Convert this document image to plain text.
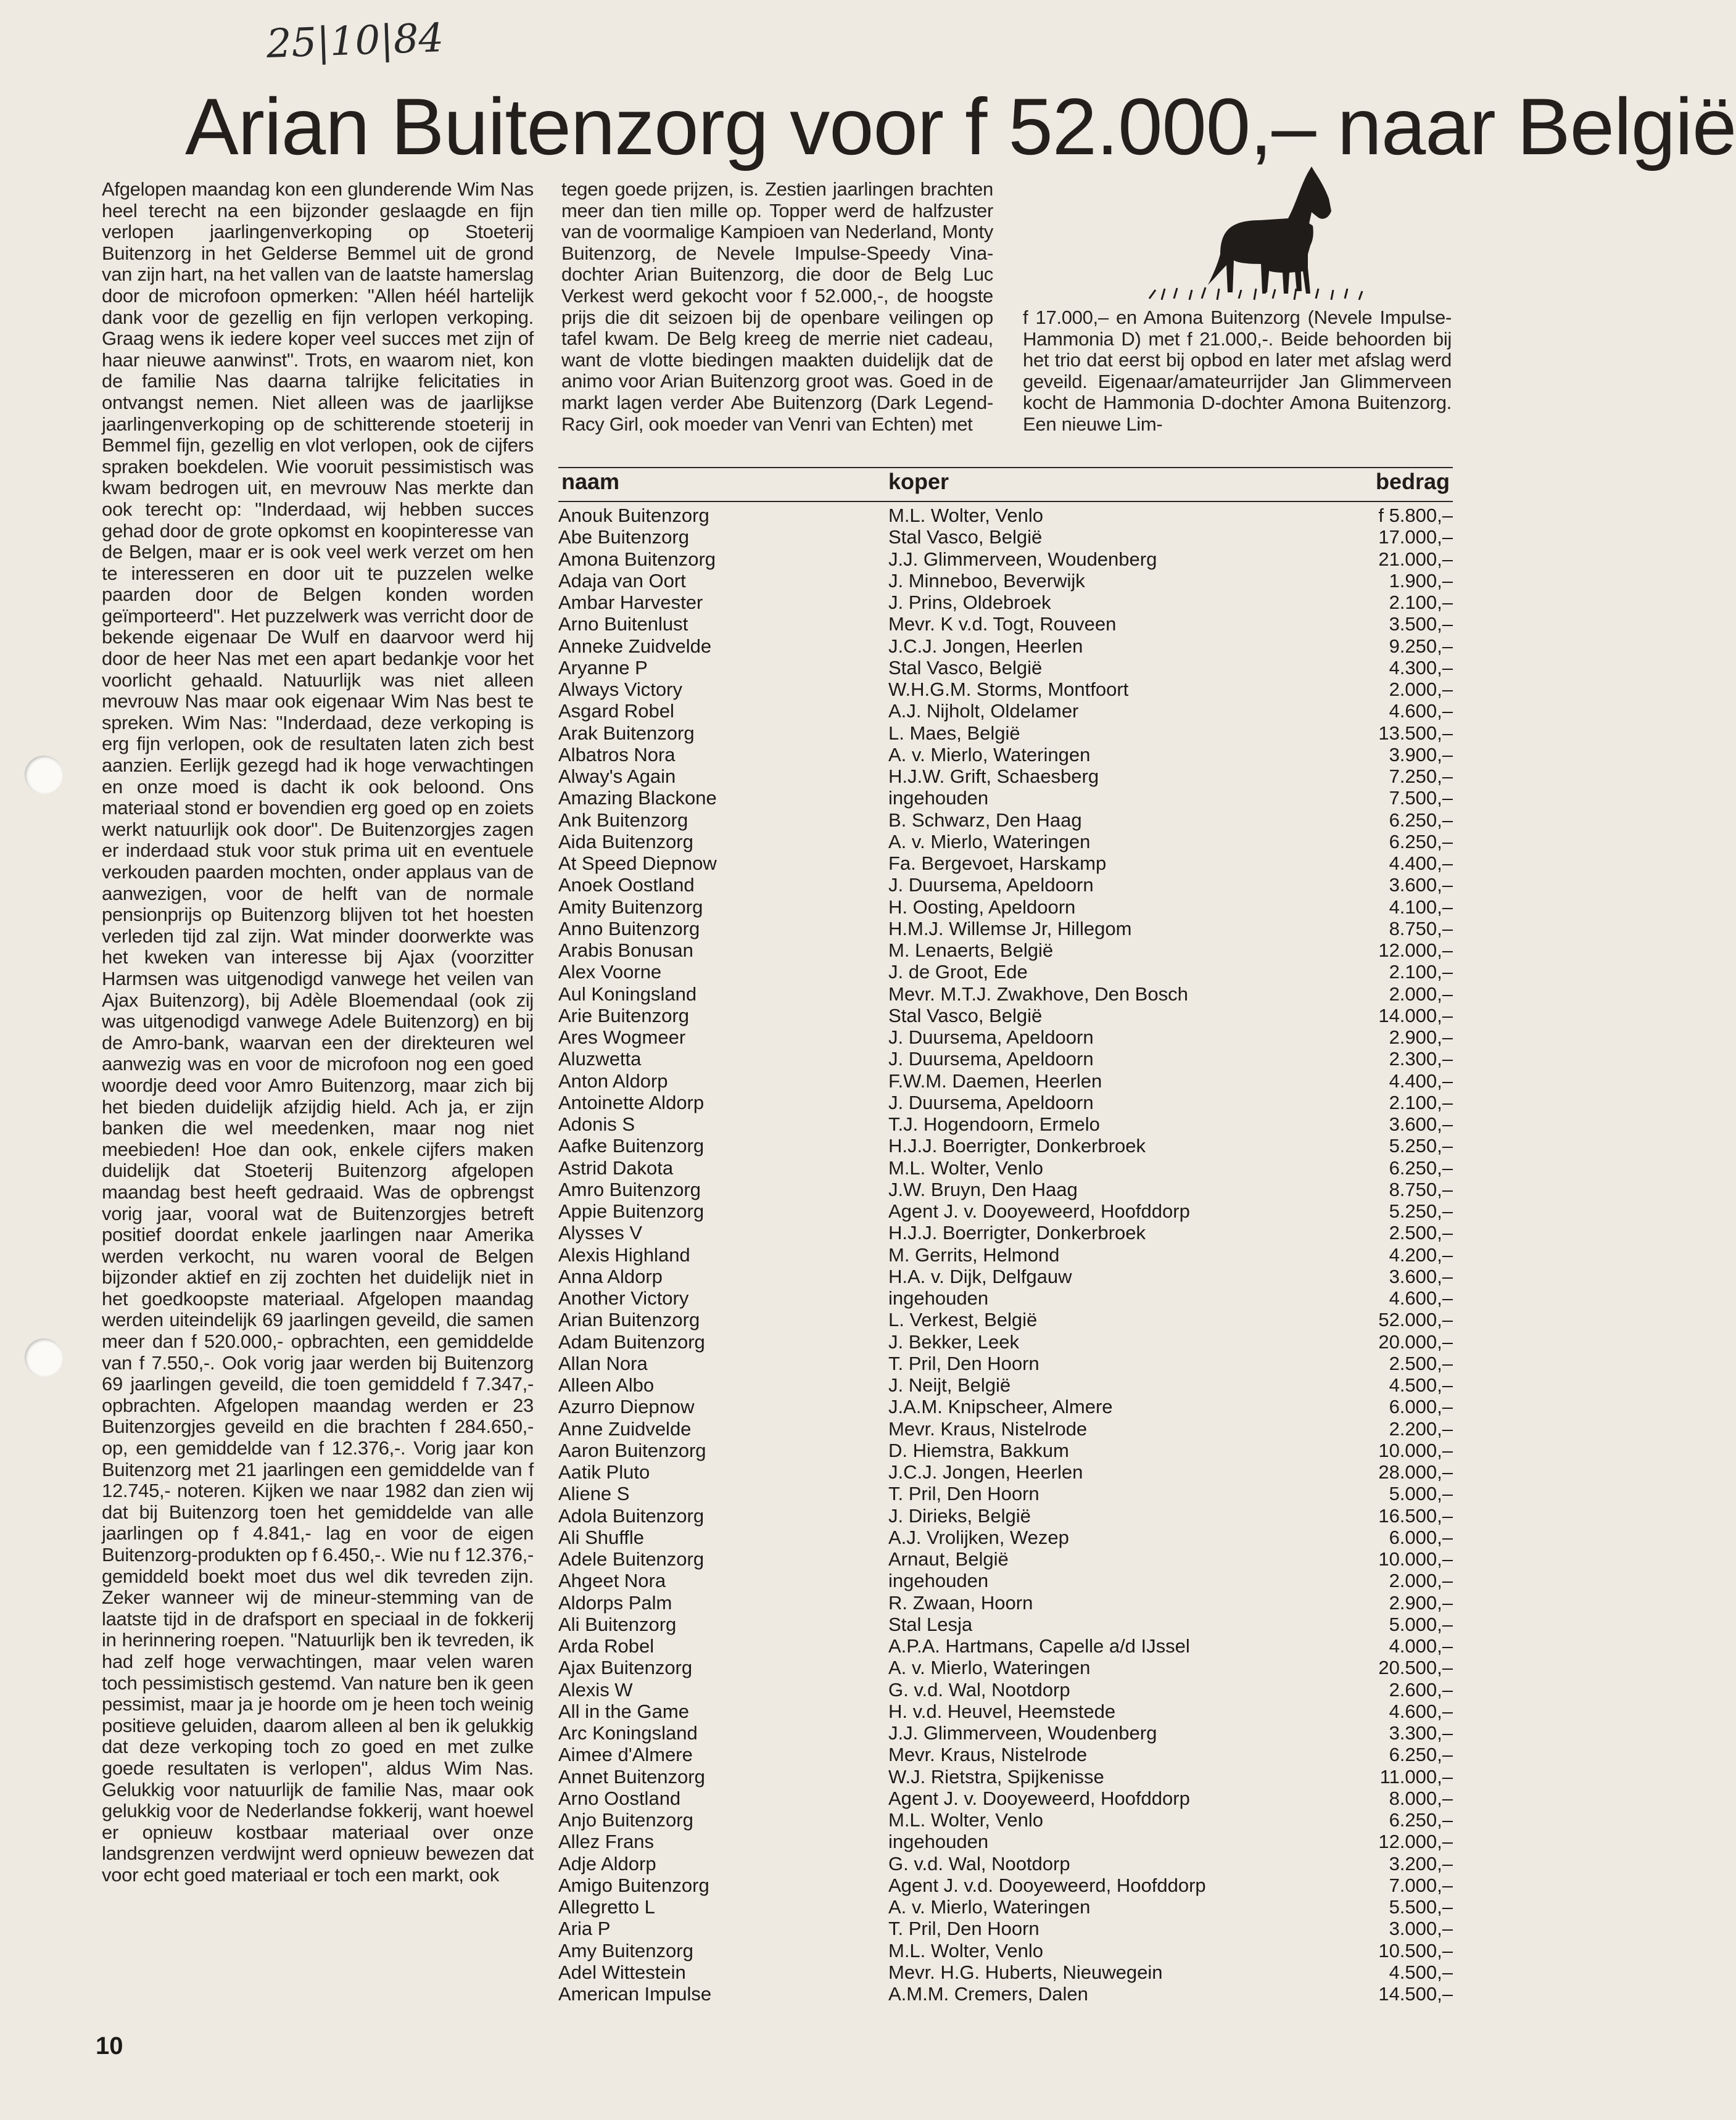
25|10|84
Arian Buitenzorg voor f 52.000,– naar België

Afgelopen maandag kon een glunderende Wim Nas heel terecht na een bijzonder geslaagde en fijn verlopen jaarlingenverkoping op Stoeterij Buitenzorg in het Gelderse Bemmel uit de grond van zijn hart, na het vallen van de laatste hamerslag door de microfoon opmerken: "Allen héél hartelijk dank voor de gezellig en fijn verlopen verkoping. Graag wens ik iedere koper veel succes met zijn of haar nieuwe aanwinst". Trots, en waarom niet, kon de familie Nas daarna talrijke felicitaties in ontvangst nemen. Niet alleen was de jaarlijkse jaarlingenverkoping op de schitterende stoeterij in Bemmel fijn, gezellig en vlot verlopen, ook de cijfers spraken boekdelen. Wie vooruit pessimistisch was kwam bedrogen uit, en mevrouw Nas merkte dan ook terecht op: "Inderdaad, wij hebben succes gehad door de grote opkomst en koopinteresse van de Belgen, maar er is ook veel werk verzet om hen te interesseren en door uit te puzzelen welke paarden door de Belgen konden worden geïmporteerd". Het puzzelwerk was verricht door de bekende eigenaar De Wulf en daarvoor werd hij door de heer Nas met een apart bedankje voor het voorlicht gehaald. Natuurlijk was niet alleen mevrouw Nas maar ook eigenaar Wim Nas best te spreken. Wim Nas: "Inderdaad, deze verkoping is erg fijn verlopen, ook de resultaten laten zich best aanzien. Eerlijk gezegd had ik hoge verwachtingen en onze moed is dacht ik ook beloond. Ons materiaal stond er bovendien erg goed op en zoiets werkt natuurlijk ook door". De Buitenzorgjes zagen er inderdaad stuk voor stuk prima uit en eventuele verkouden paarden mochten, onder applaus van de aanwezigen, voor de helft van de normale pensionprijs op Buitenzorg blijven tot het hoesten verleden tijd zal zijn. Wat minder doorwerkte was het kweken van interesse bij Ajax (voorzitter Harmsen was uitgenodigd vanwege het veilen van Ajax Buitenzorg), bij Adèle Bloemendaal (ook zij was uitgenodigd vanwege Adele Buitenzorg) en bij de Amro-bank, waarvan een der direkteuren wel aanwezig was en voor de microfoon nog een goed woordje deed voor Amro Buitenzorg, maar zich bij het bieden duidelijk afzijdig hield. Ach ja, er zijn banken die wel meedenken, maar nog niet meebieden! Hoe dan ook, enkele cijfers maken duidelijk dat Stoeterij Buitenzorg afgelopen maandag best heeft gedraaid. Was de opbrengst vorig jaar, vooral wat de Buitenzorgjes betreft positief doordat enkele jaarlingen naar Amerika werden verkocht, nu waren vooral de Belgen bijzonder aktief en zij zochten het duidelijk niet in het goedkoopste materiaal. Afgelopen maandag werden uiteindelijk 69 jaarlingen geveild, die samen meer dan f 520.000,- opbrachten, een gemiddelde van f 7.550,-. Ook vorig jaar werden bij Buitenzorg 69 jaarlingen geveild, die toen gemiddeld f 7.347,- opbrachten. Afgelopen maandag werden er 23 Buitenzorgjes geveild en die brachten f 284.650,- op, een gemiddelde van f 12.376,-. Vorig jaar kon Buitenzorg met 21 jaarlingen een gemiddelde van f 12.745,- noteren. Kijken we naar 1982 dan zien wij dat bij Buitenzorg toen het gemiddelde van alle jaarlingen op f 4.841,- lag en voor de eigen Buitenzorg-produkten op f 6.450,-. Wie nu f 12.376,- gemiddeld boekt moet dus wel dik tevreden zijn. Zeker wanneer wij de mineur-stemming van de laatste tijd in de drafsport en speciaal in de fokkerij in herinnering roepen. "Natuurlijk ben ik tevreden, ik had zelf hoge verwachtingen, maar velen waren toch pessimistisch gestemd. Van nature ben ik geen pessimist, maar ja je hoorde om je heen toch weinig positieve geluiden, daarom alleen al ben ik gelukkig dat deze verkoping toch zo goed en met zulke goede resultaten is verlopen", aldus Wim Nas. Gelukkig voor natuurlijk de familie Nas, maar ook gelukkig voor de Nederlandse fokkerij, want hoewel er opnieuw kostbaar materiaal over onze landsgrenzen verdwijnt werd opnieuw bewezen dat voor echt goed materiaal er toch een markt, ook

tegen goede prijzen, is. Zestien jaarlingen brachten meer dan tien mille op. Topper werd de halfzuster van de voormalige Kampioen van Nederland, Monty Buitenzorg, de Nevele Impulse-Speedy Vina-dochter Arian Buitenzorg, die door de Belg Luc Verkest werd gekocht voor f 52.000,-, de hoogste prijs die dit seizoen bij de openbare veilingen op tafel kwam. De Belg kreeg de merrie niet cadeau, want de vlotte biedingen maakten duidelijk dat de animo voor Arian Buitenzorg groot was. Goed in de markt lagen verder Abe Buitenzorg (Dark Legend-Racy Girl, ook moeder van Venri van Echten) met

f 17.000,– en Amona Buitenzorg (Nevele Impulse-Hammonia D) met f 21.000,-. Beide behoorden bij het trio dat eerst bij opbod en later met afslag werd geveild. Eigenaar/amateurrijder Jan Glimmerveen kocht de Hammonia D-dochter Amona Buitenzorg. Een nieuwe Lim-

naam	koper	bedrag
Anouk Buitenzorg	M.L. Wolter, Venlo	f 5.800,–
Abe Buitenzorg	Stal Vasco, België	17.000,–
Amona Buitenzorg	J.J. Glimmerveen, Woudenberg	21.000,–
Adaja van Oort	J. Minneboo, Beverwijk	1.900,–
Ambar Harvester	J. Prins, Oldebroek	2.100,–
Arno Buitenlust	Mevr. K v.d. Togt, Rouveen	3.500,–
Anneke Zuidvelde	J.C.J. Jongen, Heerlen	9.250,–
Aryanne P	Stal Vasco, België	4.300,–
Always Victory	W.H.G.M. Storms, Montfoort	2.000,–
Asgard Robel	A.J. Nijholt, Oldelamer	4.600,–
Arak Buitenzorg	L. Maes, België	13.500,–
Albatros Nora	A. v. Mierlo, Wateringen	3.900,–
Alway's Again	H.J.W. Grift, Schaesberg	7.250,–
Amazing Blackone	ingehouden	7.500,–
Ank Buitenzorg	B. Schwarz, Den Haag	6.250,–
Aida Buitenzorg	A. v. Mierlo, Wateringen	6.250,–
At Speed Diepnow	Fa. Bergevoet, Harskamp	4.400,–
Anoek Oostland	J. Duursema, Apeldoorn	3.600,–
Amity Buitenzorg	H. Oosting, Apeldoorn	4.100,–
Anno Buitenzorg	H.M.J. Willemse Jr, Hillegom	8.750,–
Arabis Bonusan	M. Lenaerts, België	12.000,–
Alex Voorne	J. de Groot, Ede	2.100,–
Aul Koningsland	Mevr. M.T.J. Zwakhove, Den Bosch	2.000,–
Arie Buitenzorg	Stal Vasco, België	14.000,–
Ares Wogmeer	J. Duursema, Apeldoorn	2.900,–
Aluzwetta	J. Duursema, Apeldoorn	2.300,–
Anton Aldorp	F.W.M. Daemen, Heerlen	4.400,–
Antoinette Aldorp	J. Duursema, Apeldoorn	2.100,–
Adonis S	T.J. Hogendoorn, Ermelo	3.600,–
Aafke Buitenzorg	H.J.J. Boerrigter, Donkerbroek	5.250,–
Astrid Dakota	M.L. Wolter, Venlo	6.250,–
Amro Buitenzorg	J.W. Bruyn, Den Haag	8.750,–
Appie Buitenzorg	Agent J. v. Dooyeweerd, Hoofddorp	5.250,–
Alysses V	H.J.J. Boerrigter, Donkerbroek	2.500,–
Alexis Highland	M. Gerrits, Helmond	4.200,–
Anna Aldorp	H.A. v. Dijk, Delfgauw	3.600,–
Another Victory	ingehouden	4.600,–
Arian Buitenzorg	L. Verkest, België	52.000,–
Adam Buitenzorg	J. Bekker, Leek	20.000,–
Allan Nora	T. Pril, Den Hoorn	2.500,–
Alleen Albo	J. Neijt, België	4.500,–
Azurro Diepnow	J.A.M. Knipscheer, Almere	6.000,–
Anne Zuidvelde	Mevr. Kraus, Nistelrode	2.200,–
Aaron Buitenzorg	D. Hiemstra, Bakkum	10.000,–
Aatik Pluto	J.C.J. Jongen, Heerlen	28.000,–
Aliene S	T. Pril, Den Hoorn	5.000,–
Adola Buitenzorg	J. Dirieks, België	16.500,–
Ali Shuffle	A.J. Vrolijken, Wezep	6.000,–
Adele Buitenzorg	Arnaut, België	10.000,–
Ahgeet Nora	ingehouden	2.000,–
Aldorps Palm	R. Zwaan, Hoorn	2.900,–
Ali Buitenzorg	Stal Lesja	5.000,–
Arda Robel	A.P.A. Hartmans, Capelle a/d IJssel	4.000,–
Ajax Buitenzorg	A. v. Mierlo, Wateringen	20.500,–
Alexis W	G. v.d. Wal, Nootdorp	2.600,–
All in the Game	H. v.d. Heuvel, Heemstede	4.600,–
Arc Koningsland	J.J. Glimmerveen, Woudenberg	3.300,–
Aimee d'Almere	Mevr. Kraus, Nistelrode	6.250,–
Annet Buitenzorg	W.J. Rietstra, Spijkenisse	11.000,–
Arno Oostland	Agent J. v. Dooyeweerd, Hoofddorp	8.000,–
Anjo Buitenzorg	M.L. Wolter, Venlo	6.250,–
Allez Frans	ingehouden	12.000,–
Adje Aldorp	G. v.d. Wal, Nootdorp	3.200,–
Amigo Buitenzorg	Agent J. v.d. Dooyeweerd, Hoofddorp	7.000,–
Allegretto L	A. v. Mierlo, Wateringen	5.500,–
Aria P	T. Pril, Den Hoorn	3.000,–
Amy Buitenzorg	M.L. Wolter, Venlo	10.500,–
Adel Wittestein	Mevr. H.G. Huberts, Nieuwegein	4.500,–
American Impulse	A.M.M. Cremers, Dalen	14.500,–
10
